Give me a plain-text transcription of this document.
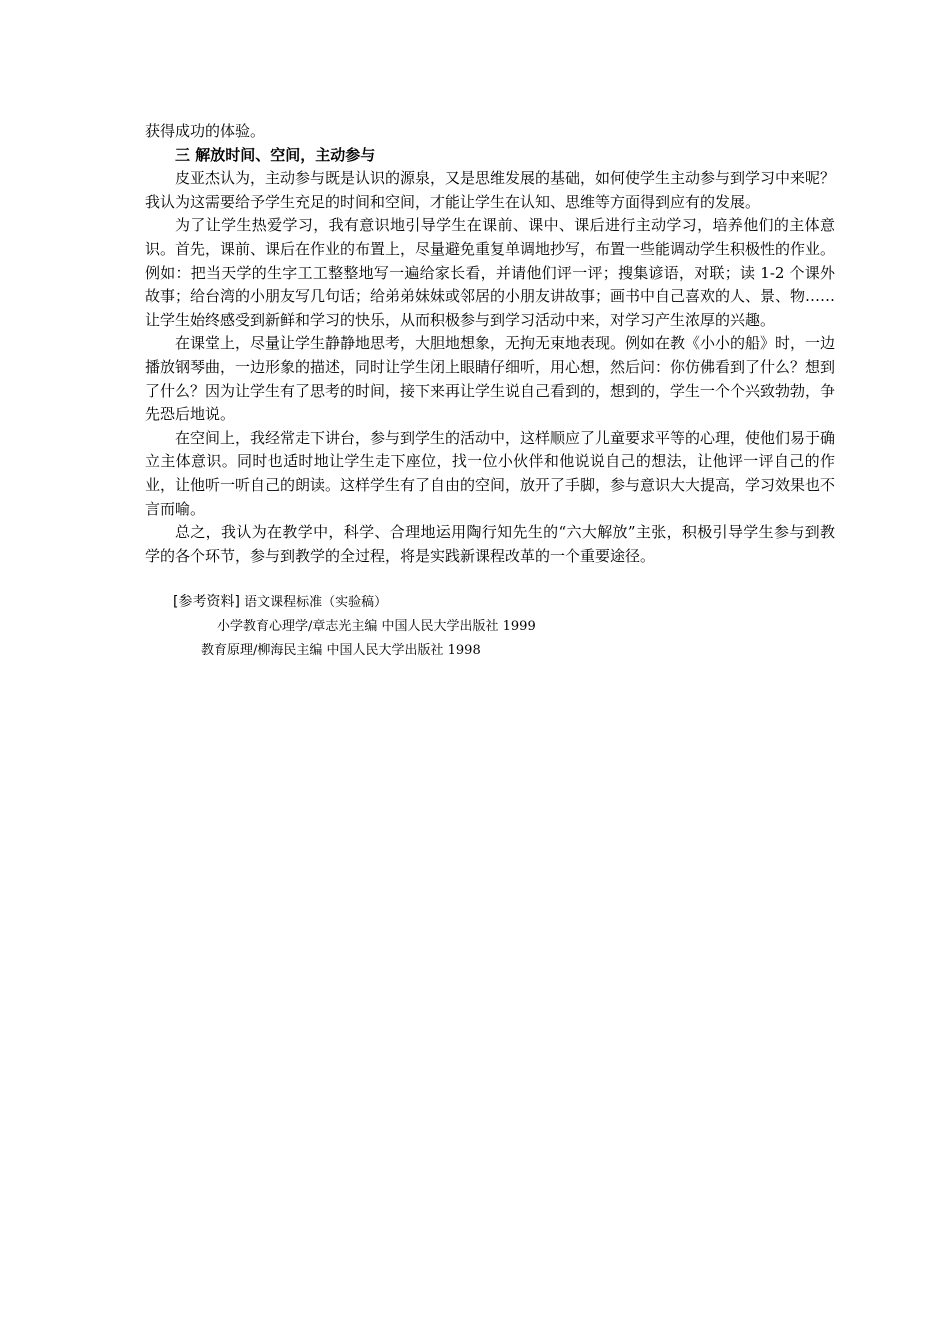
获得成功的体验。

三 解放时间、空间，主动参与

皮亚杰认为，主动参与既是认识的源泉，又是思维发展的基础，如何使学生主动参与到学习中来呢？我认为这需要给予学生充足的时间和空间，才能让学生在认知、思维等方面得到应有的发展。

为了让学生热爱学习，我有意识地引导学生在课前、课中、课后进行主动学习，培养他们的主体意识。首先，课前、课后在作业的布置上，尽量避免重复单调地抄写，布置一些能调动学生积极性的作业。例如：把当天学的生字工工整整地写一遍给家长看，并请他们评一评；搜集谚语，对联；读 1-2 个课外故事；给台湾的小朋友写几句话；给弟弟妹妹或邻居的小朋友讲故事；画书中自己喜欢的人、景、物……让学生始终感受到新鲜和学习的快乐，从而积极参与到学习活动中来，对学习产生浓厚的兴趣。

在课堂上，尽量让学生静静地思考，大胆地想象，无拘无束地表现。例如在教《小小的船》时，一边播放钢琴曲，一边形象的描述，同时让学生闭上眼睛仔细听，用心想，然后问：你仿佛看到了什么？想到了什么？因为让学生有了思考的时间，接下来再让学生说自己看到的，想到的，学生一个个兴致勃勃，争先恐后地说。

在空间上，我经常走下讲台，参与到学生的活动中，这样顺应了儿童要求平等的心理，使他们易于确立主体意识。同时也适时地让学生走下座位，找一位小伙伴和他说说自己的想法，让他评一评自己的作业，让他听一听自己的朗读。这样学生有了自由的空间，放开了手脚，参与意识大大提高，学习效果也不言而喻。

总之，我认为在教学中，科学、合理地运用陶行知先生的“六大解放”主张，积极引导学生参与到教学的各个环节，参与到教学的全过程，将是实践新课程改革的一个重要途径。

[参考资料] 语文课程标准（实验稿）
小学教育心理学/章志光主编 中国人民大学出版社 1999
教育原理/柳海民主编 中国人民大学出版社 1998
